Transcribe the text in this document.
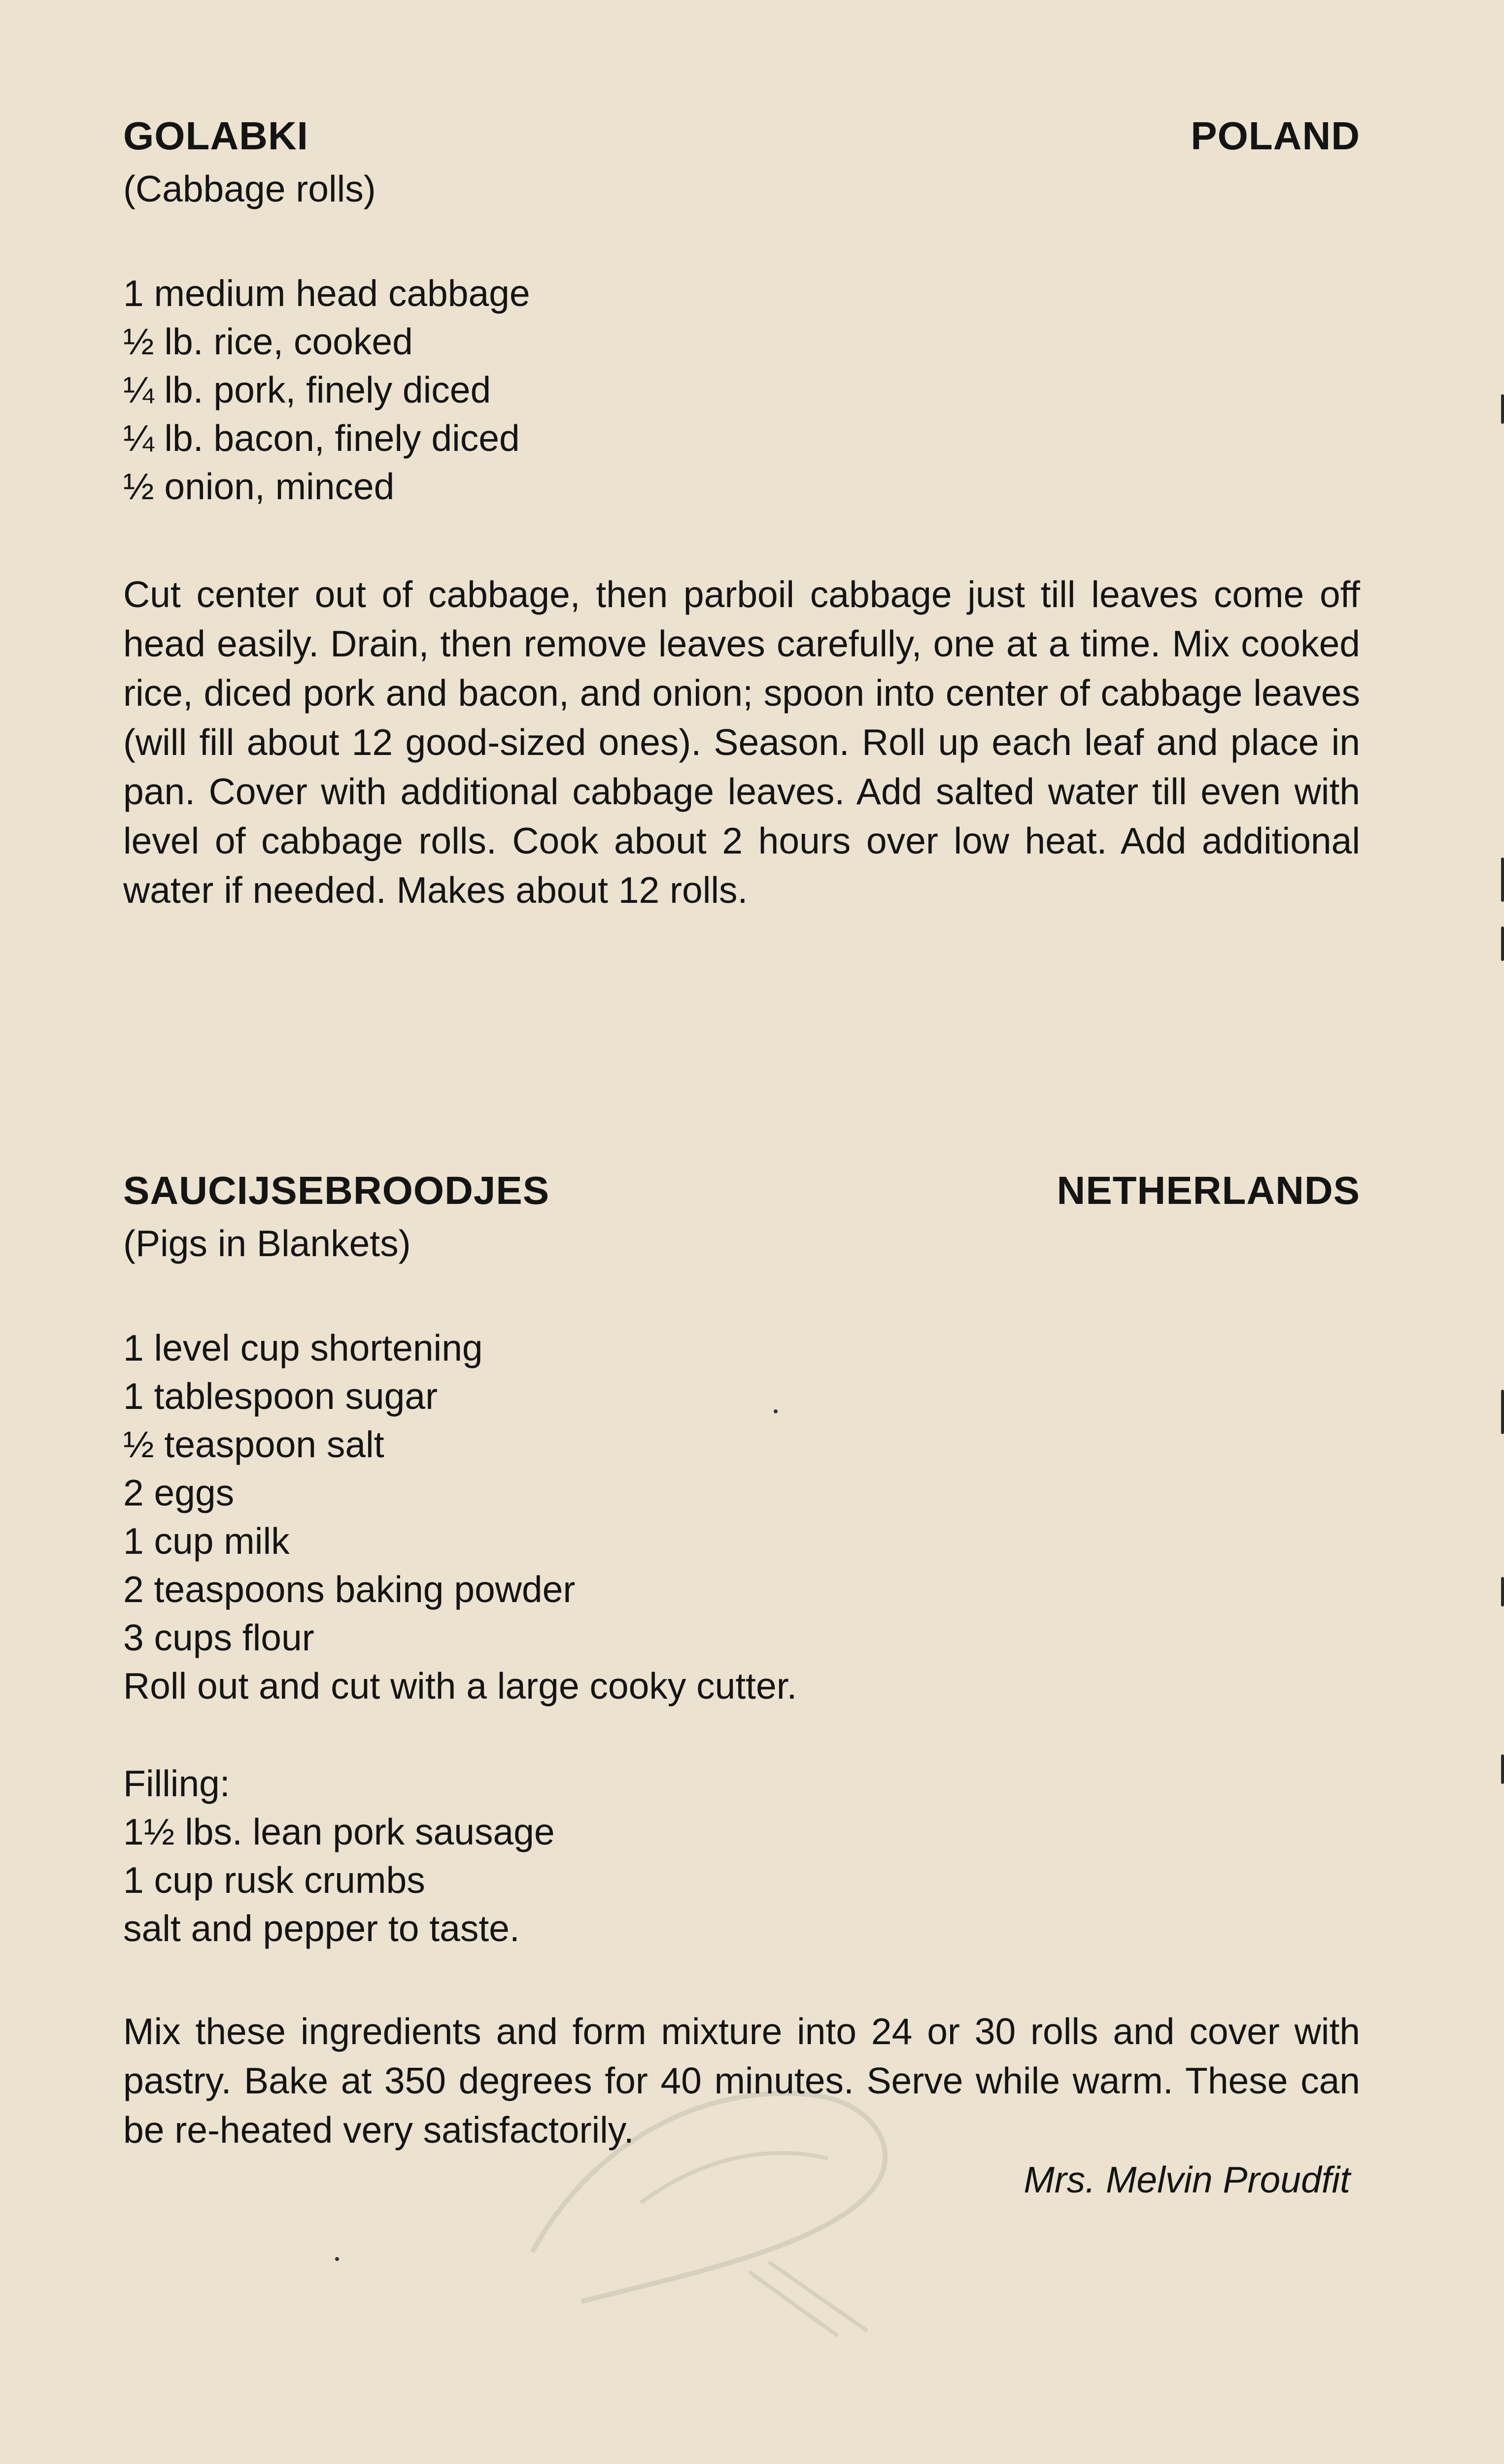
GOLABKI	POLAND
(Cabbage rolls)
1 medium head cabbage
½ lb. rice, cooked
¼ lb. pork, finely diced
¼ lb. bacon, finely diced
½ onion, minced

Cut center out of cabbage, then parboil cabbage just till leaves come off head easily. Drain, then remove leaves carefully, one at a time. Mix cooked rice, diced pork and bacon, and onion; spoon into center of cabbage leaves (will fill about 12 good-sized ones). Season. Roll up each leaf and place in pan. Cover with additional cabbage leaves. Add salted water till even with level of cabbage rolls. Cook about 2 hours over low heat. Add additional water if needed. Makes about 12 rolls.

SAUCIJSEBROODJES	NETHERLANDS
(Pigs in Blankets)
1 level cup shortening
1 tablespoon sugar
½ teaspoon salt
2 eggs
1 cup milk
2 teaspoons baking powder
3 cups flour
Roll out and cut with a large cooky cutter.
Filling:
1½ lbs. lean pork sausage
1 cup rusk crumbs
salt and pepper to taste.

Mix these ingredients and form mixture into 24 or 30 rolls and cover with pastry. Bake at 350 degrees for 40 minutes. Serve while warm. These can be re-heated very satisfactorily.

Mrs. Melvin Proudfit
